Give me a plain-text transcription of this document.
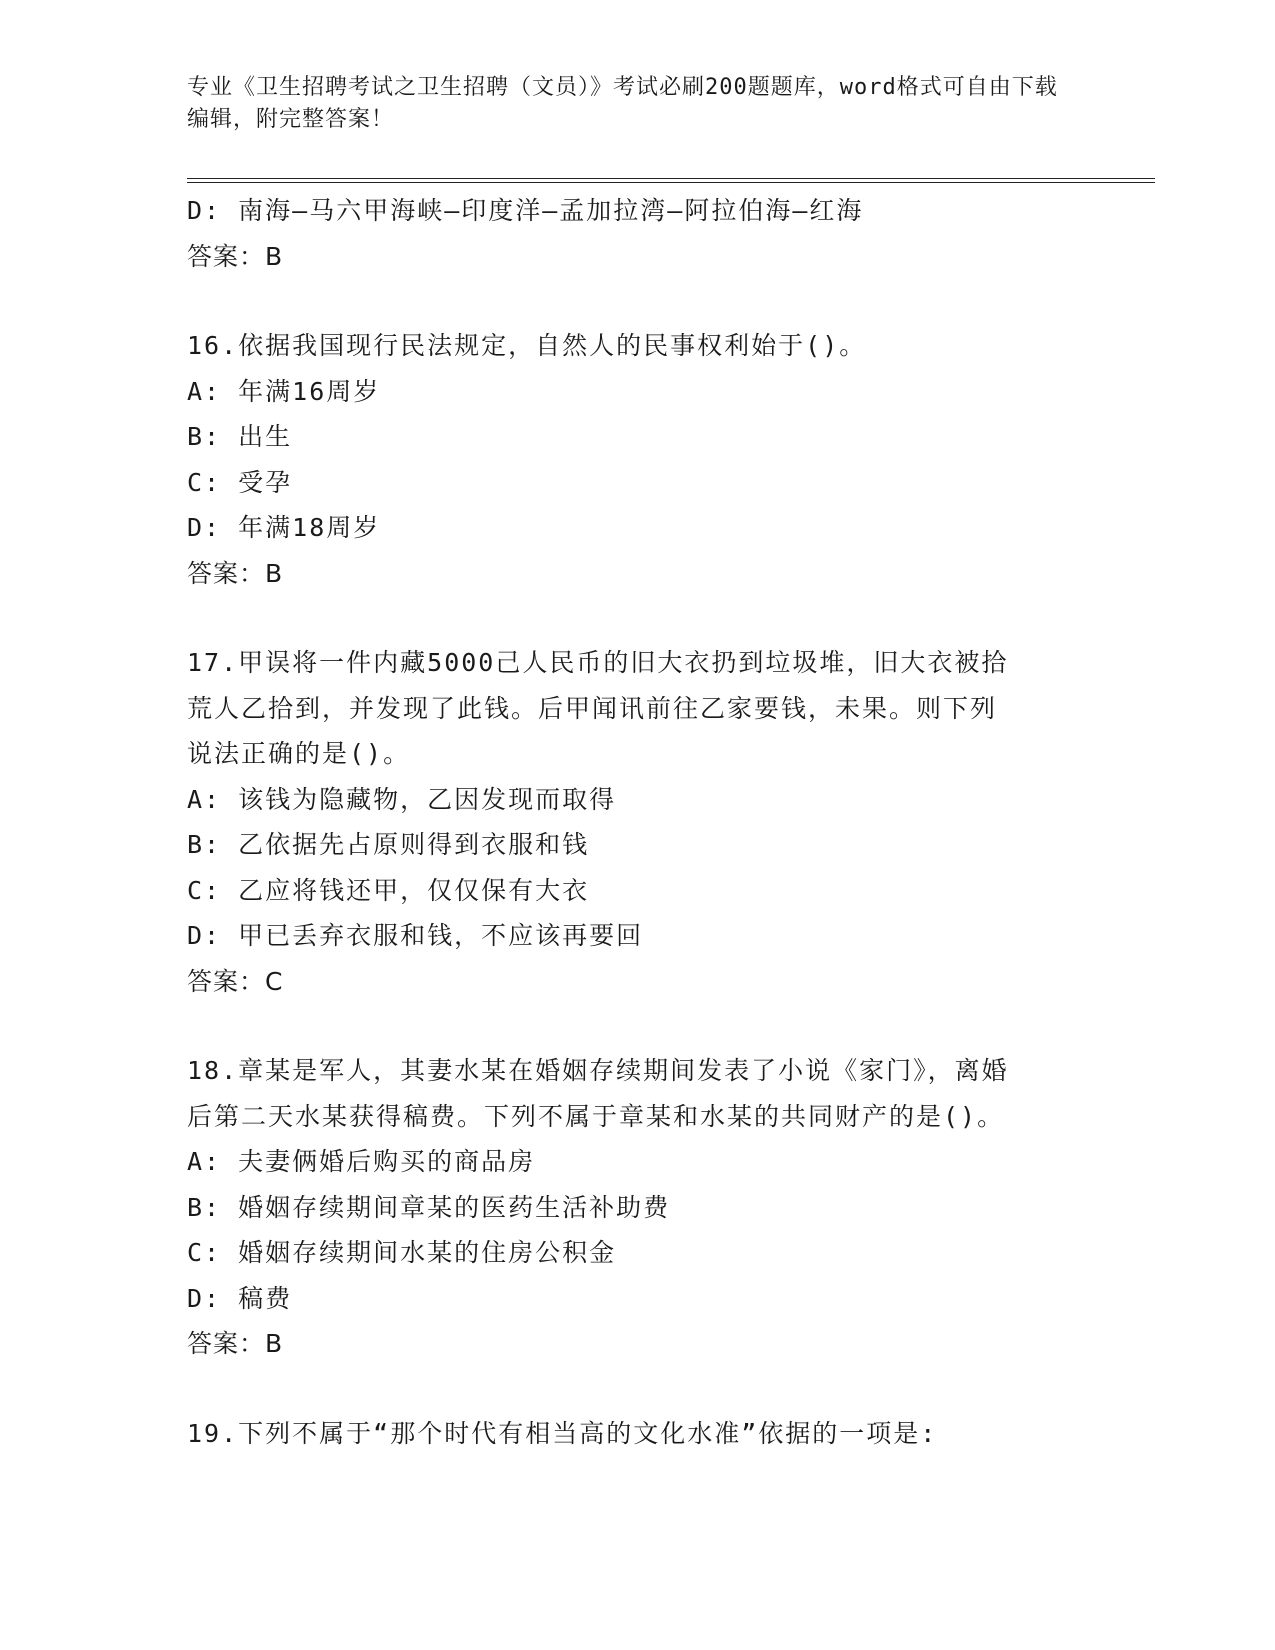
专业《卫生招聘考试之卫生招聘（文员）》考试必刷200题题库，word格式可自由下载编辑，附完整答案！
D: 南海—马六甲海峡—印度洋—孟加拉湾—阿拉伯海—红海
答案：B
16.依据我国现行民法规定，自然人的民事权利始于()。
A: 年满16周岁
B: 出生
C: 受孕
D: 年满18周岁
答案：B
17.甲误将一件内藏5000己人民币的旧大衣扔到垃圾堆，旧大衣被拾
荒人乙拾到，并发现了此钱。后甲闻讯前往乙家要钱，未果。则下列
说法正确的是()。
A: 该钱为隐藏物，乙因发现而取得
B: 乙依据先占原则得到衣服和钱
C: 乙应将钱还甲，仅仅保有大衣
D: 甲已丢弃衣服和钱，不应该再要回
答案：C
18.章某是军人，其妻水某在婚姻存续期间发表了小说《家门》，离婚
后第二天水某获得稿费。下列不属于章某和水某的共同财产的是()。
A: 夫妻俩婚后购买的商品房
B: 婚姻存续期间章某的医药生活补助费
C: 婚姻存续期间水某的住房公积金
D: 稿费
答案：B
19.下列不属于“那个时代有相当高的文化水准”依据的一项是:
